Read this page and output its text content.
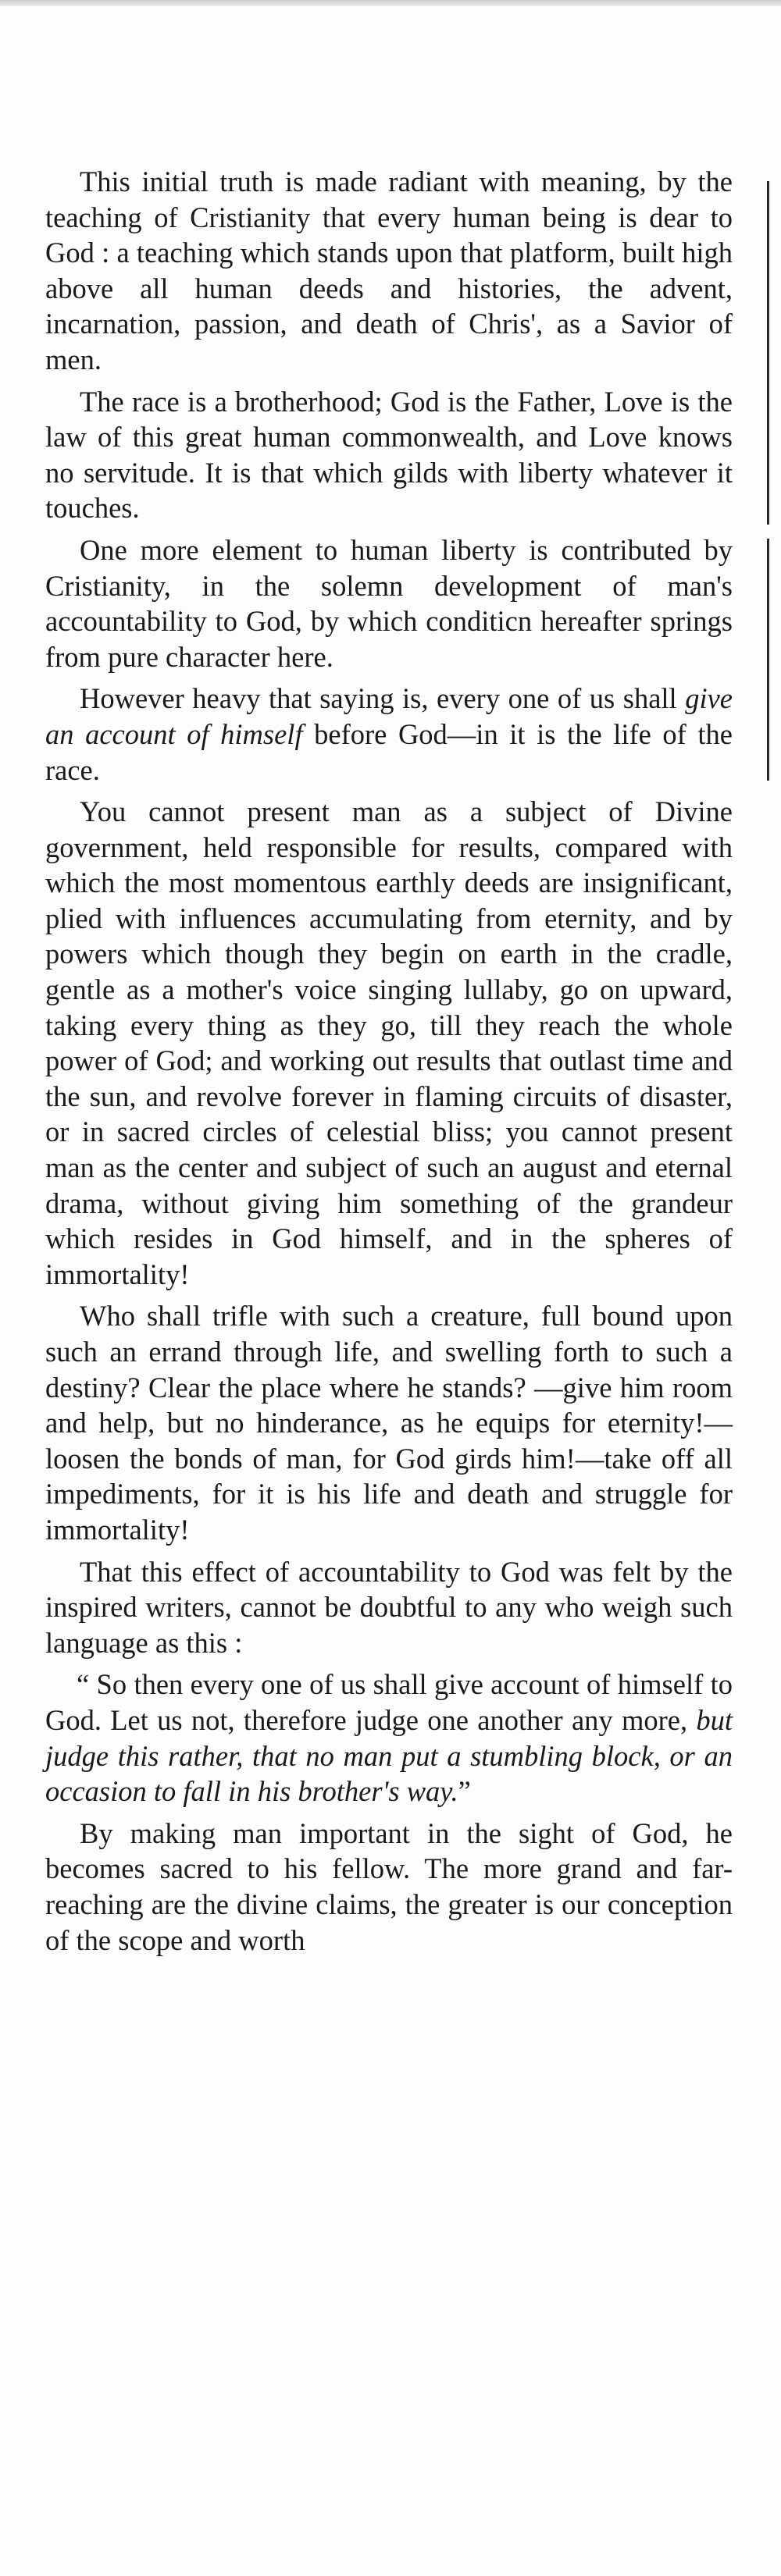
This initial truth is made radiant with meaning, by the teaching of Cristianity that every human being is dear to God : a teaching which stands upon that platform, built high above all human deeds and histories, the advent, incarnation, passion, and death of Chris', as a Savior of men.

The race is a brotherhood; God is the Father, Love is the law of this great human commonwealth, and Love knows no servitude. It is that which gilds with liberty whatever it touches.

One more element to human liberty is contributed by Cristianity, in the solemn development of man's accountability to God, by which conditicn hereafter springs from pure character here.

However heavy that saying is, every one of us shall give an account of himself before God—in it is the life of the race.

You cannot present man as a subject of Divine government, held responsible for results, compared with which the most momentous earthly deeds are insignificant, plied with influences accumulating from eternity, and by powers which though they begin on earth in the cradle, gentle as a mother's voice singing lullaby, go on upward, taking every thing as they go, till they reach the whole power of God; and working out results that outlast time and the sun, and revolve forever in flaming circuits of disaster, or in sacred circles of celestial bliss; you cannot present man as the center and subject of such an august and eternal drama, without giving him something of the grandeur which resides in God himself, and in the spheres of immortality!

Who shall trifle with such a creature, full bound upon such an errand through life, and swelling forth to such a destiny? Clear the place where he stands? —give him room and help, but no hinderance, as he equips for eternity!—loosen the bonds of man, for God girds him!—take off all impediments, for it is his life and death and struggle for immortality!

That this effect of accountability to God was felt by the inspired writers, cannot be doubtful to any who weigh such language as this :

“ So then every one of us shall give account of himself to God. Let us not, therefore judge one another any more, but judge this rather, that no man put a stumbling block, or an occasion to fall in his brother's way.”

By making man important in the sight of God, he becomes sacred to his fellow. The more grand and far-reaching are the divine claims, the greater is our conception of the scope and worth
